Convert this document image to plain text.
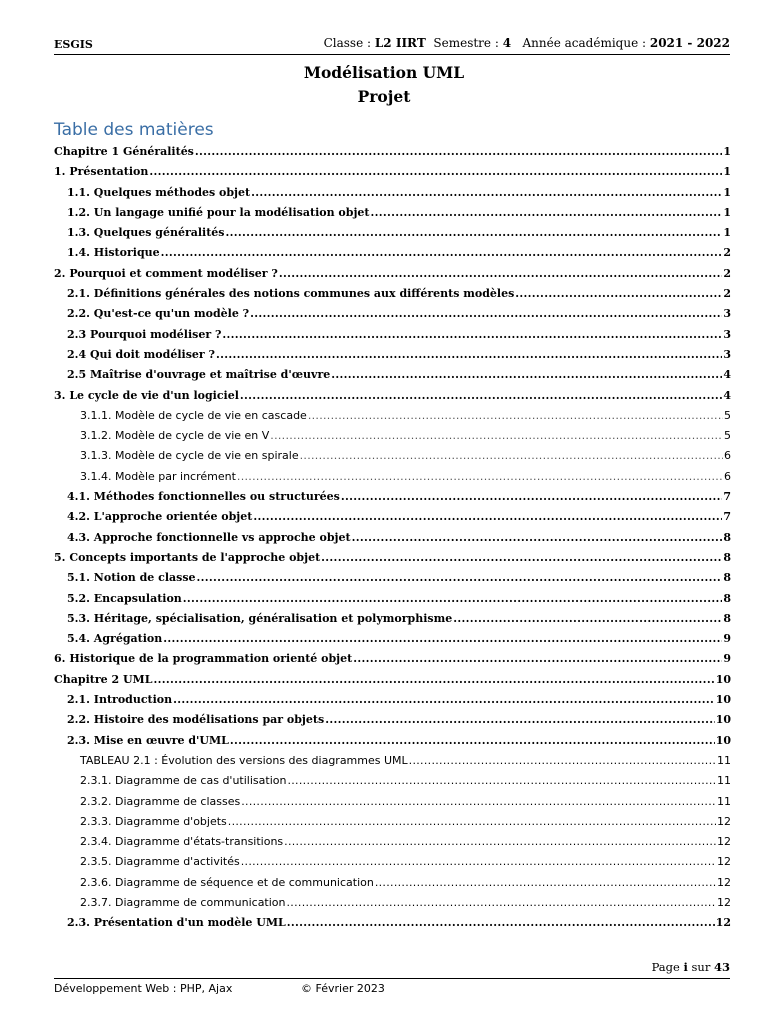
ESGIS	Classe : L2 IIRT Semestre : 4 Année académique : 2021 - 2022
Modélisation UML
Projet
Table des matières
Chapitre 1 Généralités .....	1
1. Présentation .....	1
1.1. Quelques méthodes objet .....	1
1.2. Un langage unifié pour la modélisation objet .....	1
1.3. Quelques généralités .....	1
1.4. Historique .....	2
2. Pourquoi et comment modéliser ? .....	2
2.1. Définitions générales des notions communes aux différents modèles .....	2
2.2. Qu'est-ce qu'un modèle ? .....	3
2.3 Pourquoi modéliser ? .....	3
2.4 Qui doit modéliser ? .....	3
2.5 Maîtrise d'ouvrage et maîtrise d'œuvre .....	4
3. Le cycle de vie d'un logiciel .....	4
3.1.1. Modèle de cycle de vie en cascade .....	5
3.1.2. Modèle de cycle de vie en V .....	5
3.1.3. Modèle de cycle de vie en spirale .....	6
3.1.4. Modèle par incrément .....	6
4.1. Méthodes fonctionnelles ou structurées .....	7
4.2. L'approche orientée objet .....	7
4.3. Approche fonctionnelle vs approche objet .....	8
5. Concepts importants de l'approche objet .....	8
5.1. Notion de classe .....	8
5.2. Encapsulation .....	8
5.3. Héritage, spécialisation, généralisation et polymorphisme .....	8
5.4. Agrégation .....	9
6. Historique de la programmation orienté objet .....	9
Chapitre 2 UML .....	10
2.1. Introduction .....	10
2.2. Histoire des modélisations par objets .....	10
2.3. Mise en œuvre d'UML .....	10
TABLEAU 2.1 : Évolution des versions des diagrammes UML .....	11
2.3.1. Diagramme de cas d'utilisation .....	11
2.3.2. Diagramme de classes .....	11
2.3.3. Diagramme d'objets .....	12
2.3.4. Diagramme d'états-transitions .....	12
2.3.5. Diagramme d'activités .....	12
2.3.6. Diagramme de séquence et de communication .....	12
2.3.7. Diagramme de communication .....	12
2.3. Présentation d'un modèle UML .....	12
Page i sur 43
Développement Web : PHP, Ajax	© Février 2023
